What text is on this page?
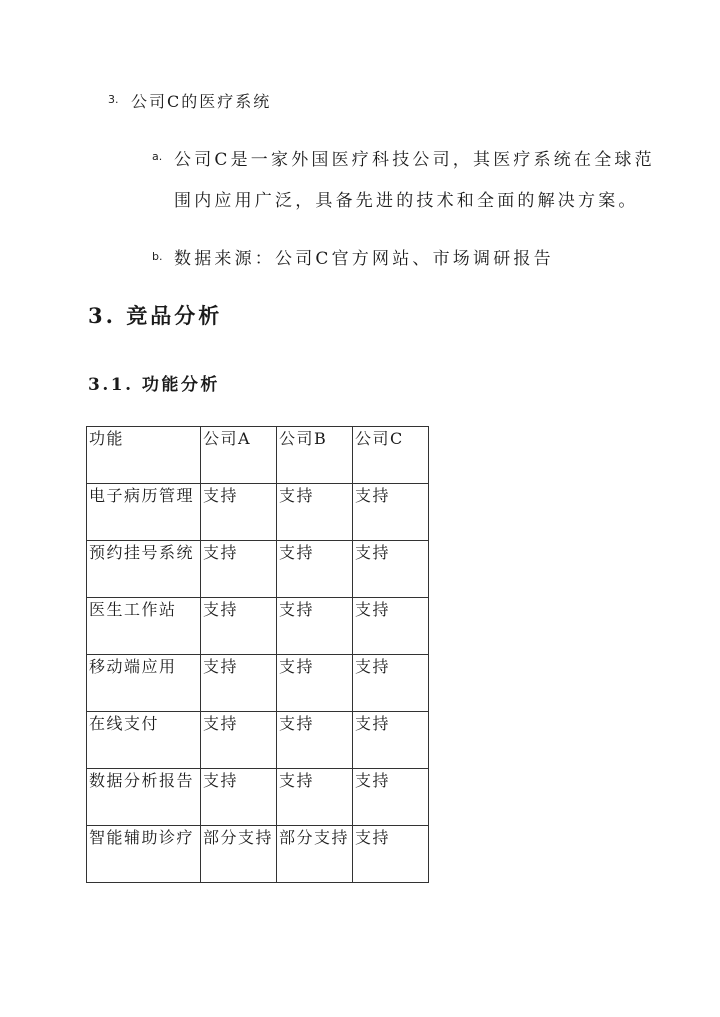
3. 公司C的医疗系统
a. 公司C是一家外国医疗科技公司，其医疗系统在全球范
围内应用广泛，具备先进的技术和全面的解决方案。
b. 数据来源：公司C官方网站、市场调研报告
3. 竞品分析
3.1. 功能分析
功能	公司A	公司B	公司C

电子病历管理	支持	支持	支持

预约挂号系统	支持	支持	支持

医生工作站	支持	支持	支持

移动端应用	支持	支持	支持

在线支付	支持	支持	支持

数据分析报告	支持	支持	支持

智能辅助诊疗	部分支持	部分支持	支持
